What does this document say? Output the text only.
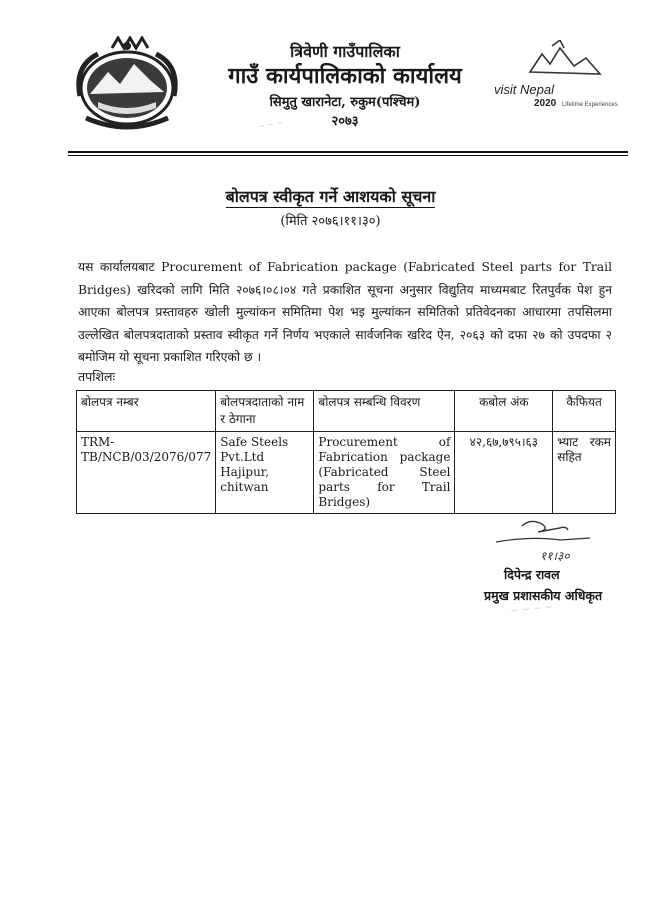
त्रिवेणी गाउँपालिका
गाउँ कार्यपालिकाको कार्यालय
सिमुतु खारानेटा, रुकुम(पश्चिम)
२०७३
~ ~ ~
visit Nepal
2020 Lifetime Experiences
बोलपत्र स्वीकृत गर्ने आशयको सूचना
(मिति २०७६।११।३०)
यस कार्यालयबाट Procurement of Fabrication package (Fabricated Steel parts for Trail Bridges) खरिदको लागि मिति २०७६।०८।०४ गते प्रकाशित सूचना अनुसार विद्युतिय माध्यमबाट रितपुर्वक पेश हुन आएका बोलपत्र प्रस्तावहरु खोली मुल्यांकन समितिमा पेश भइ मुल्यांकन समितिको प्रतिवेदनका आधारमा तपसिलमा उल्लेखित बोलपत्रदाताको प्रस्ताव स्वीकृत गर्ने निर्णय भएकाले सार्वजनिक खरिद ऐन, २०६३ को दफा २७ को उपदफा २ बमोजिम यो सूचना प्रकाशित गरिएको छ ।
तपशिलः
बोलपत्र नम्बर	बोलपत्रदाताको नाम र ठेगाना	बोलपत्र सम्बन्धि विवरण	कबोल अंक	कैफियत
TRM-TB/NCB/03/2076/077	Safe Steels Pvt.Ltd Hajipur, chitwan	Procurement of Fabrication package (Fabricated Steel parts for Trail Bridges)	४२,६७,७९५।६३	भ्याट रकम सहित
११।३०
दिपेन्द्र रावल
प्रमुख प्रशासकीय अधिकृत
~ ~ ~ ~
